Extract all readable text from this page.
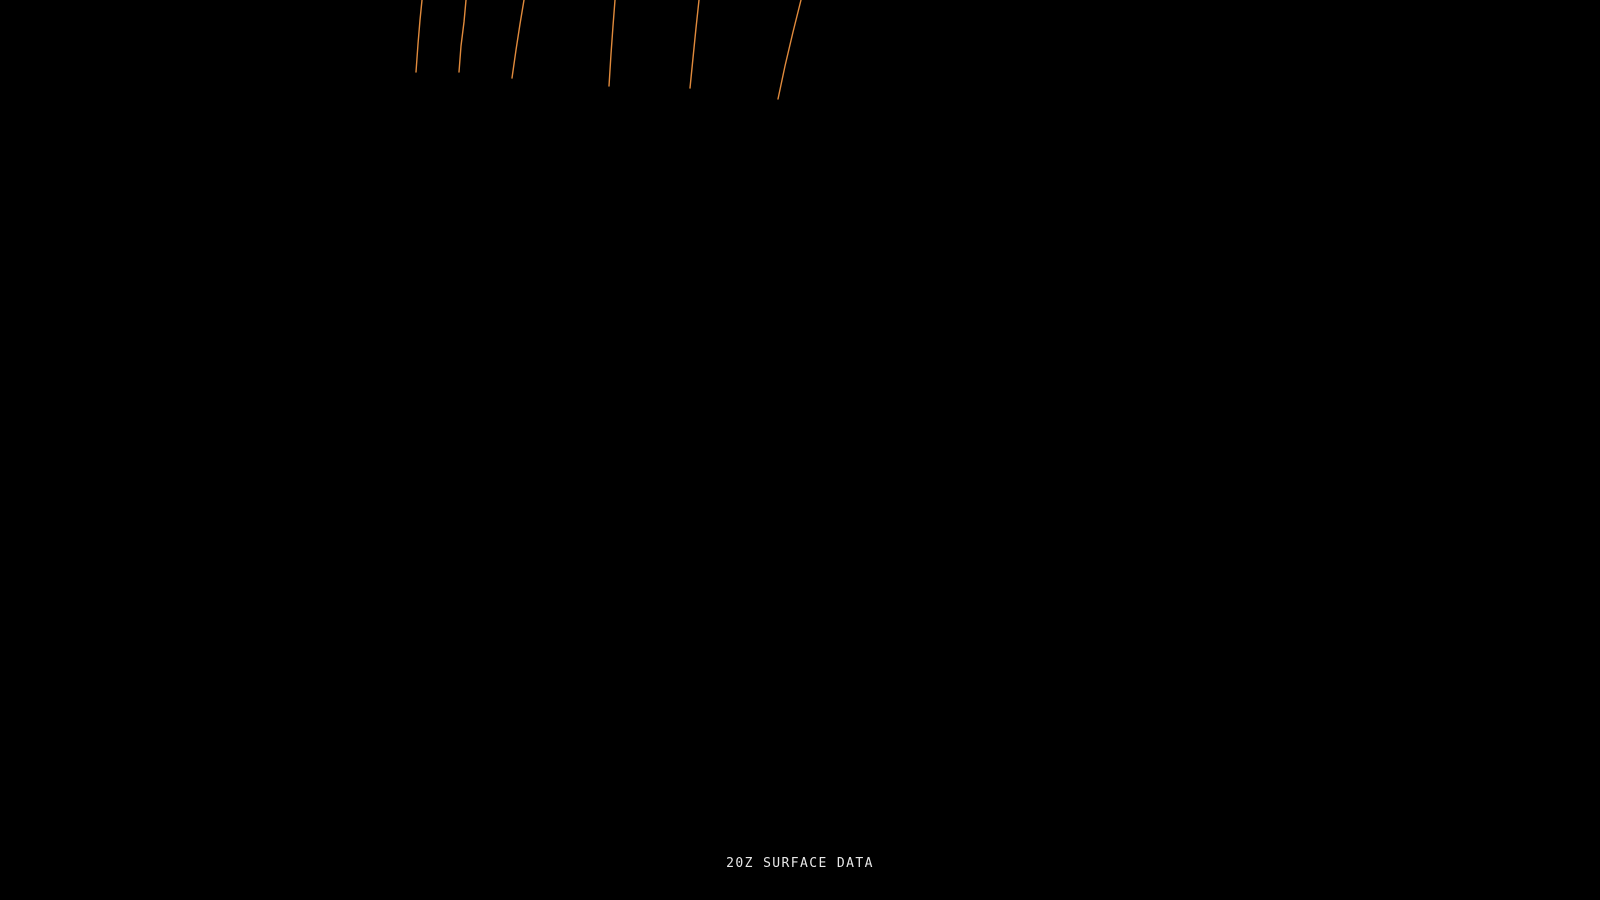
20Z SURFACE DATA
